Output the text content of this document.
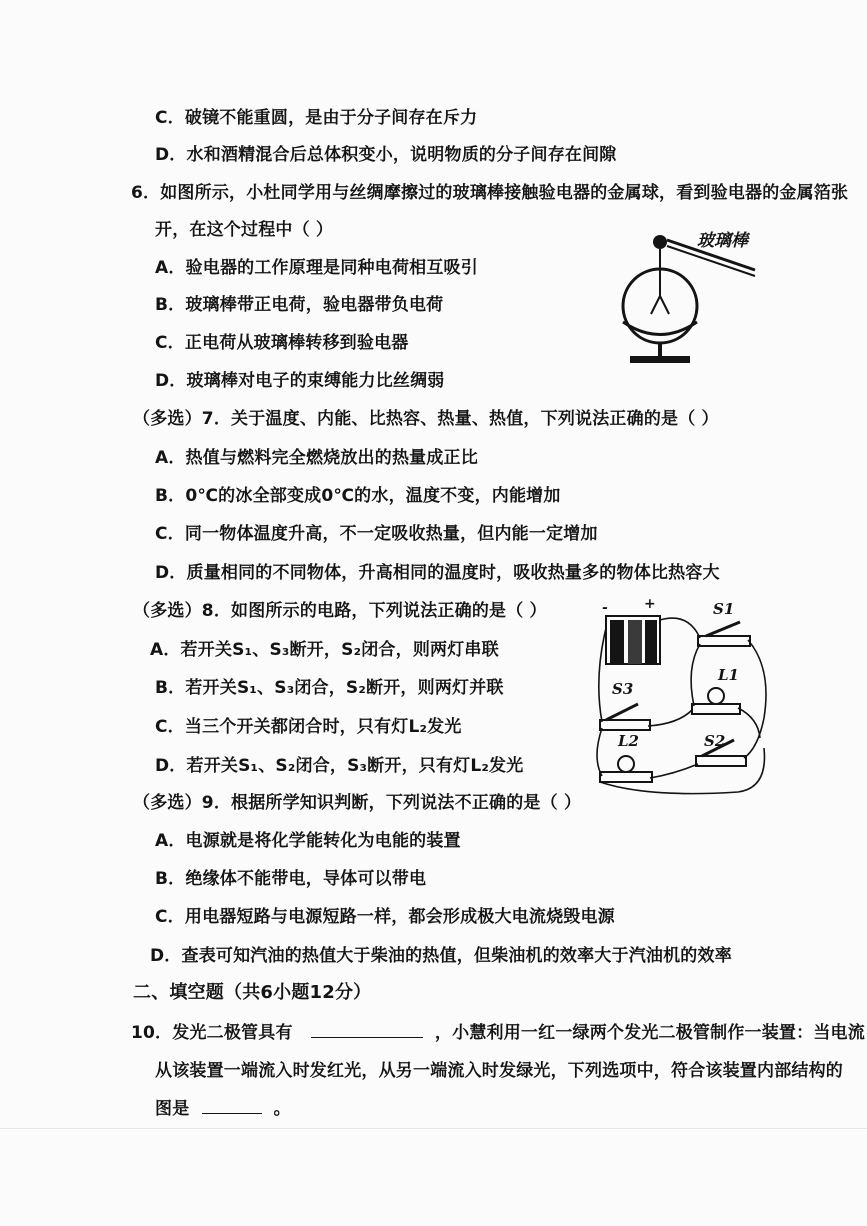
C．破镜不能重圆，是由于分子间存在斥力
D．水和酒精混合后总体积变小，说明物质的分子间存在间隙
6．如图所示，小杜同学用与丝绸摩擦过的玻璃棒接触验电器的金属球，看到验电器的金属箔张
开，在这个过程中（ ）
A．验电器的工作原理是同种电荷相互吸引
B．玻璃棒带正电荷，验电器带负电荷
C．正电荷从玻璃棒转移到验电器
D．玻璃棒对电子的束缚能力比丝绸弱
（多选）7．关于温度、内能、比热容、热量、热值，下列说法正确的是（ ）
A．热值与燃料完全燃烧放出的热量成正比
B．0℃的冰全部变成0℃的水，温度不变，内能增加
C．同一物体温度升高，不一定吸收热量，但内能一定增加
D．质量相同的不同物体，升高相同的温度时，吸收热量多的物体比热容大
（多选）8．如图所示的电路，下列说法正确的是（ ）
A．若开关S₁、S₃断开，S₂闭合，则两灯串联
B．若开关S₁、S₃闭合，S₂断开，则两灯并联
C．当三个开关都闭合时，只有灯L₂发光
D．若开关S₁、S₂闭合，S₃断开，只有灯L₂发光
（多选）9．根据所学知识判断，下列说法不正确的是（ ）
A．电源就是将化学能转化为电能的装置
B．绝缘体不能带电，导体可以带电
C．用电器短路与电源短路一样，都会形成极大电流烧毁电源
D．查表可知汽油的热值大于柴油的热值，但柴油机的效率大于汽油机的效率
二、填空题（共6小题12分）
10．发光二极管具有	，小慧利用一红一绿两个发光二极管制作一装置：当电流
从该装置一端流入时发红光，从另一端流入时发绿光，下列选项中，符合该装置内部结构的
图是	。
玻璃棒
-	+	S1
L1
S3
S2
L2
